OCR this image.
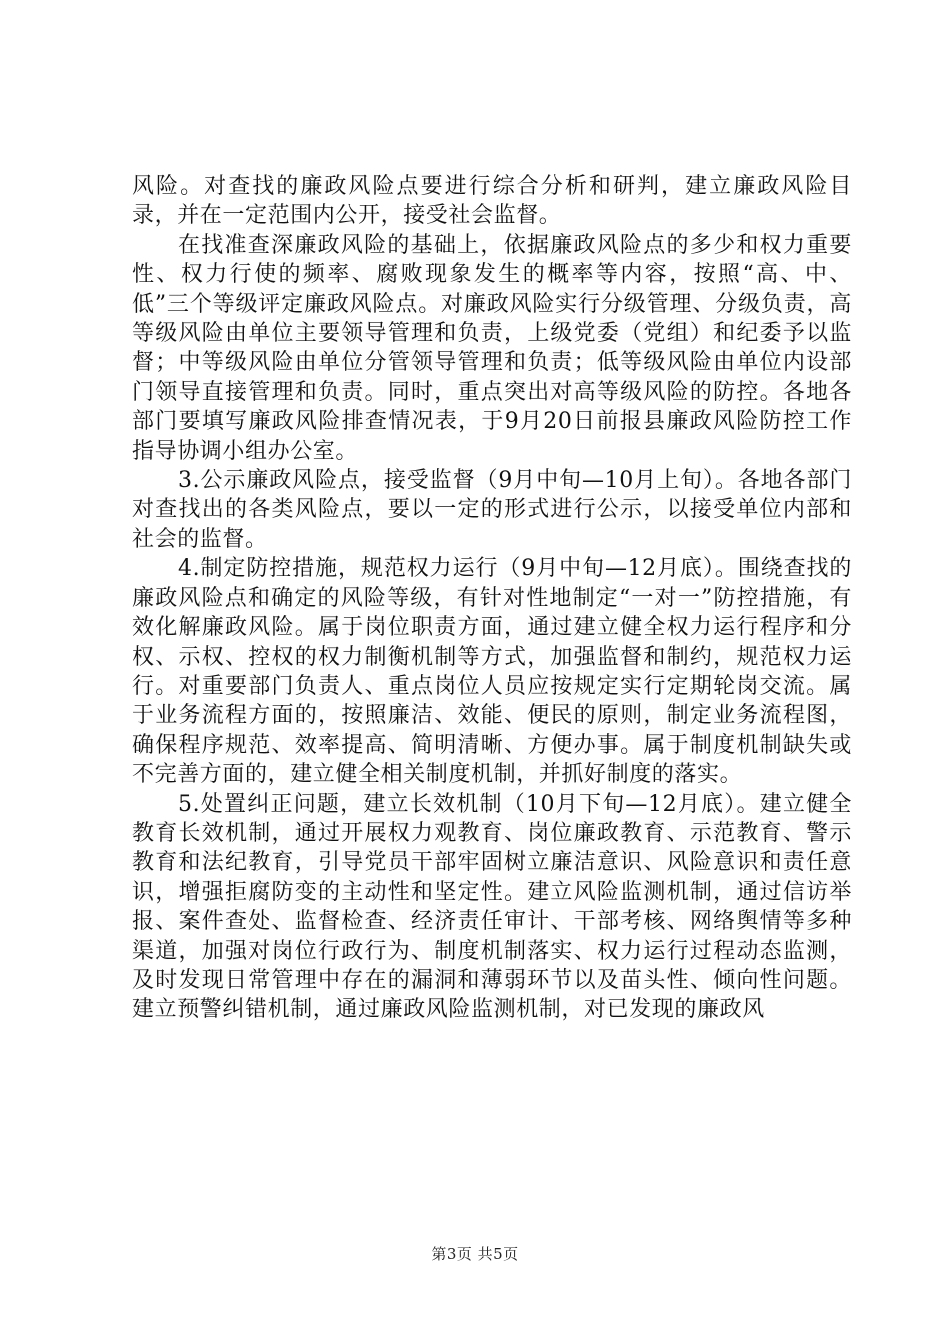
风险。对查找的廉政风险点要进行综合分析和研判，建立廉政风险目录，并在一定范围内公开，接受社会监督。

在找准查深廉政风险的基础上，依据廉政风险点的多少和权力重要性、权力行使的频率、腐败现象发生的概率等内容，按照“高、中、低”三个等级评定廉政风险点。对廉政风险实行分级管理、分级负责，高等级风险由单位主要领导管理和负责，上级党委（党组）和纪委予以监督；中等级风险由单位分管领导管理和负责；低等级风险由单位内设部门领导直接管理和负责。同时，重点突出对高等级风险的防控。各地各部门要填写廉政风险排查情况表，于9月20日前报县廉政风险防控工作指导协调小组办公室。

3.公示廉政风险点，接受监督（9月中旬—10月上旬）。各地各部门对查找出的各类风险点，要以一定的形式进行公示，以接受单位内部和社会的监督。

4.制定防控措施，规范权力运行（9月中旬—12月底）。围绕查找的廉政风险点和确定的风险等级，有针对性地制定“一对一”防控措施，有效化解廉政风险。属于岗位职责方面，通过建立健全权力运行程序和分权、示权、控权的权力制衡机制等方式，加强监督和制约，规范权力运行。对重要部门负责人、重点岗位人员应按规定实行定期轮岗交流。属于业务流程方面的，按照廉洁、效能、便民的原则，制定业务流程图，确保程序规范、效率提高、简明清晰、方便办事。属于制度机制缺失或不完善方面的，建立健全相关制度机制，并抓好制度的落实。

5.处置纠正问题，建立长效机制（10月下旬—12月底）。建立健全教育长效机制，通过开展权力观教育、岗位廉政教育、示范教育、警示教育和法纪教育，引导党员干部牢固树立廉洁意识、风险意识和责任意识，增强拒腐防变的主动性和坚定性。建立风险监测机制，通过信访举报、案件查处、监督检查、经济责任审计、干部考核、网络舆情等多种渠道，加强对岗位行政行为、制度机制落实、权力运行过程动态监测，及时发现日常管理中存在的漏洞和薄弱环节以及苗头性、倾向性问题。建立预警纠错机制，通过廉政风险监测机制，对已发现的廉政风

第3页 共5页
